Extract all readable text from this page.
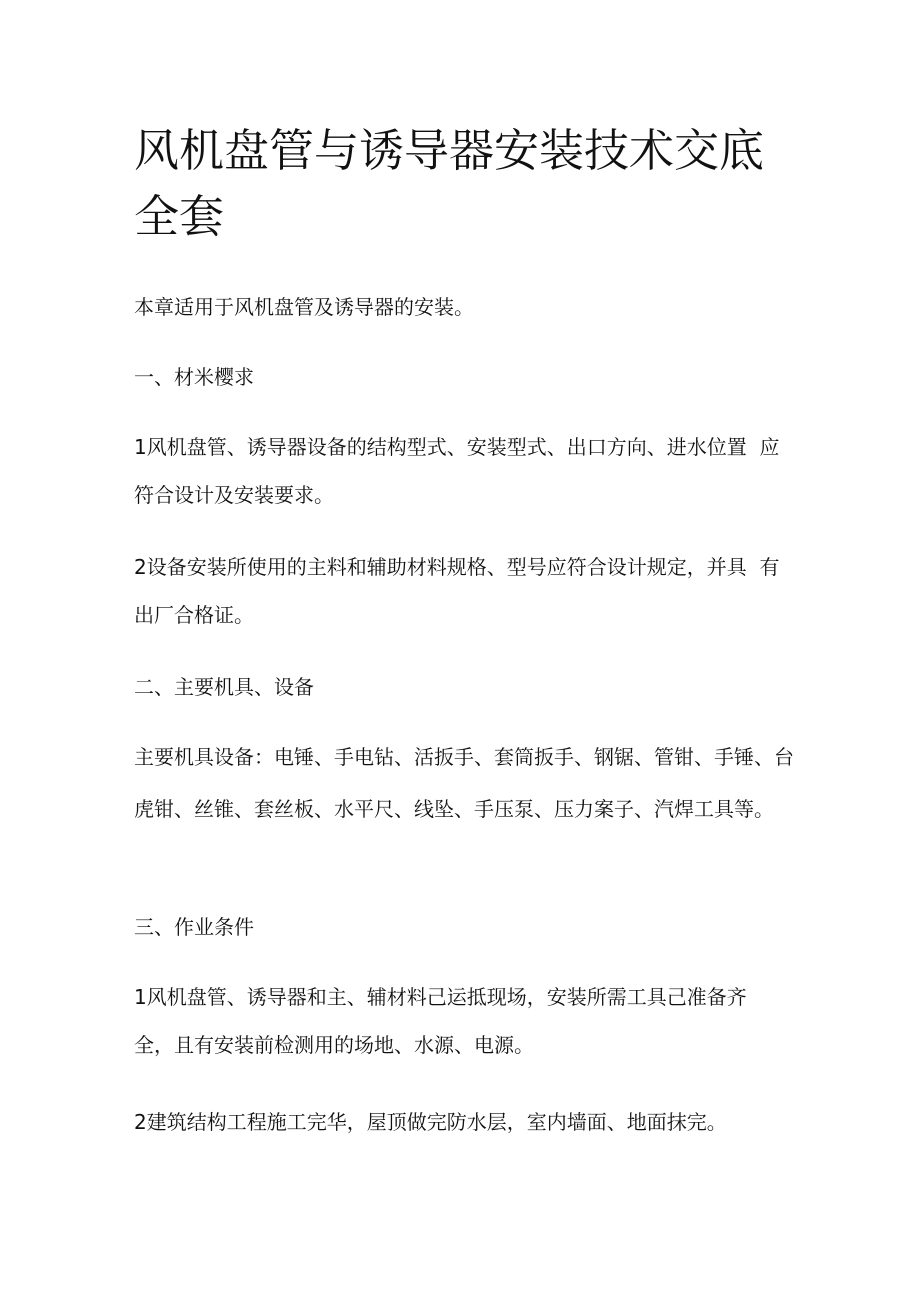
风机盘管与诱导器安装技术交底全套

本章适用于风机盘管及诱导器的安装。

一、材米樱求

1风机盘管、诱导器设备的结构型式、安装型式、出口方向、进水位置  应符合设计及安装要求。

2设备安装所使用的主料和辅助材料规格、型号应符合设计规定，并具  有出厂合格证。

二、主要机具、设备

主要机具设备：电锤、手电钻、活扳手、套筒扳手、钢锯、管钳、手锤、台虎钳、丝锥、套丝板、水平尺、线坠、手压泵、压力案子、汽焊工具等。

三、作业条件

1风机盘管、诱导器和主、辅材料己运抵现场，安装所需工具己准备齐全，且有安装前检测用的场地、水源、电源。

2建筑结构工程施工完华，屋顶做完防水层，室内墙面、地面抹完。
